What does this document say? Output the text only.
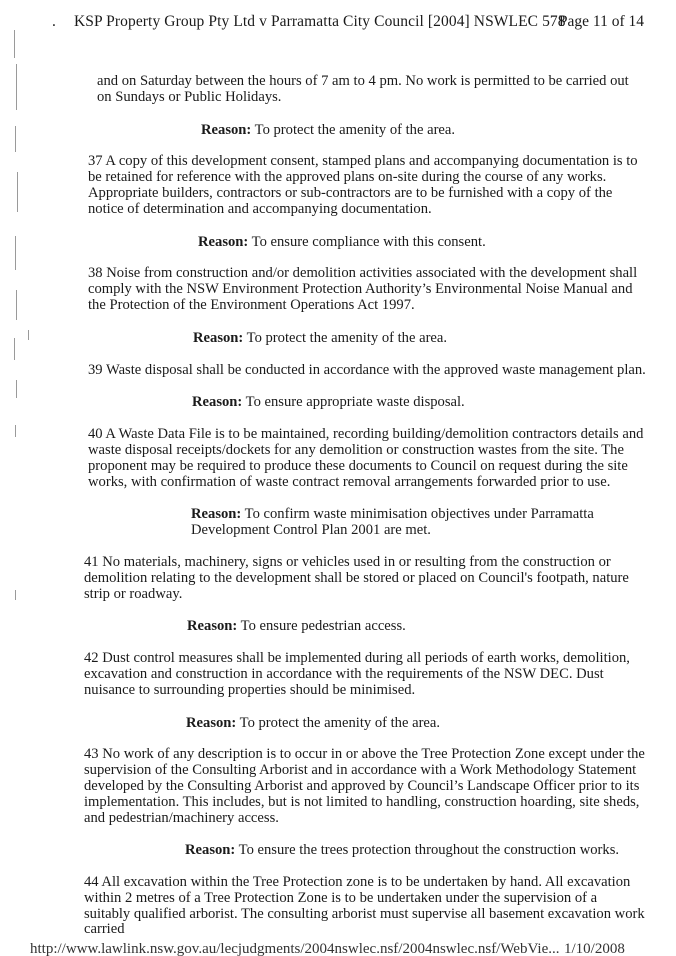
. KSP Property Group Pty Ltd v Parramatta City Council [2004] NSWLEC 578
Page 11 of 14

and on Saturday between the hours of 7 am to 4 pm. No work is permitted to be carried out on Sundays or Public Holidays.

Reason: To protect the amenity of the area.

37 A copy of this development consent, stamped plans and accompanying documentation is to be retained for reference with the approved plans on-site during the course of any works. Appropriate builders, contractors or sub-contractors are to be furnished with a copy of the notice of determination and accompanying documentation.

Reason: To ensure compliance with this consent.

38 Noise from construction and/or demolition activities associated with the development shall comply with the NSW Environment Protection Authority’s Environmental Noise Manual and the Protection of the Environment Operations Act 1997.

Reason: To protect the amenity of the area.

39 Waste disposal shall be conducted in accordance with the approved waste management plan.

Reason: To ensure appropriate waste disposal.

40 A Waste Data File is to be maintained, recording building/demolition contractors details and waste disposal receipts/dockets for any demolition or construction wastes from the site. The proponent may be required to produce these documents to Council on request during the site works, with confirmation of waste contract removal arrangements forwarded prior to use.

Reason: To confirm waste minimisation objectives under Parramatta Development Control Plan 2001 are met.

41 No materials, machinery, signs or vehicles used in or resulting from the construction or demolition relating to the development shall be stored or placed on Council's footpath, nature strip or roadway.

Reason: To ensure pedestrian access.

42 Dust control measures shall be implemented during all periods of earth works, demolition, excavation and construction in accordance with the requirements of the NSW DEC. Dust nuisance to surrounding properties should be minimised.

Reason: To protect the amenity of the area.

43 No work of any description is to occur in or above the Tree Protection Zone except under the supervision of the Consulting Arborist and in accordance with a Work Methodology Statement developed by the Consulting Arborist and approved by Council’s Landscape Officer prior to its implementation. This includes, but is not limited to handling, construction hoarding, site sheds, and pedestrian/machinery access.

Reason: To ensure the trees protection throughout the construction works.

44 All excavation within the Tree Protection zone is to be undertaken by hand. All excavation within 2 metres of a Tree Protection Zone is to be undertaken under the supervision of a suitably qualified arborist. The consulting arborist must supervise all basement excavation work carried

http://www.lawlink.nsw.gov.au/lecjudgments/2004nswlec.nsf/2004nswlec.nsf/WebVie... 1/10/2008
